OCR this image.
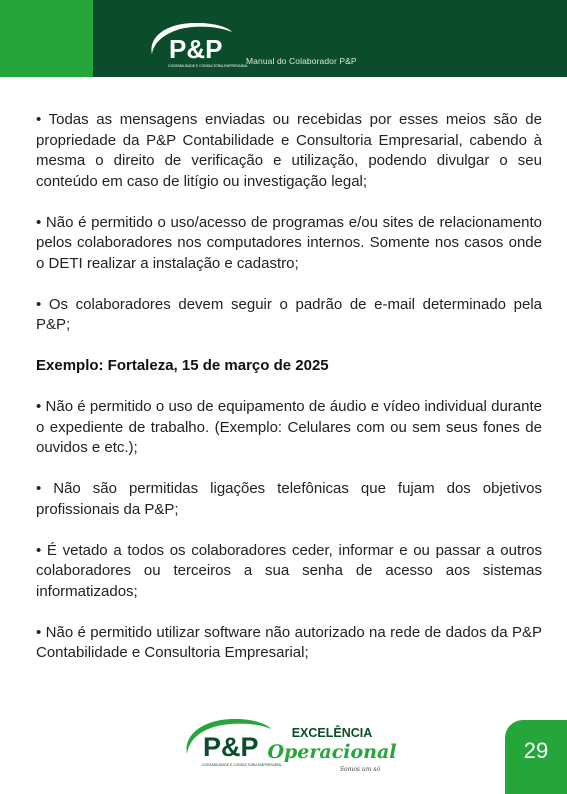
P&P
CONTABILIDADE E CONSULTORIA EMPRESARIAL
Manual do Colaborador P&P

• Todas as mensagens enviadas ou recebidas por esses meios são de propriedade da P&P Contabilidade e Consultoria Empresarial, cabendo à mesma o direito de verificação e utilização, podendo divulgar o seu conteúdo em caso de litígio ou investigação legal;

• Não é permitido o uso/acesso de programas e/ou sites de relacionamento pelos colaboradores nos computadores internos. Somente nos casos onde o DETI realizar a instalação e cadastro;

• Os colaboradores devem seguir o padrão de e-mail determinado pela P&P;

Exemplo: Fortaleza, 15 de março de 2025

• Não é permitido o uso de equipamento de áudio e vídeo individual durante o expediente de trabalho. (Exemplo: Celulares com ou sem seus fones de ouvidos e etc.);

• Não são permitidas ligações telefônicas que fujam dos objetivos profissionais da P&P;

• É vetado a todos os colaboradores ceder, informar e ou passar a outros colaboradores ou terceiros a sua senha de acesso aos sistemas informatizados;

• Não é permitido utilizar software não autorizado na rede de dados da P&P Contabilidade e Consultoria Empresarial;

P&P
CONTABILIDADE E CONSULTORIA EMPRESARIAL
EXCELÊNCIA
Operacional
Somos um só
29
